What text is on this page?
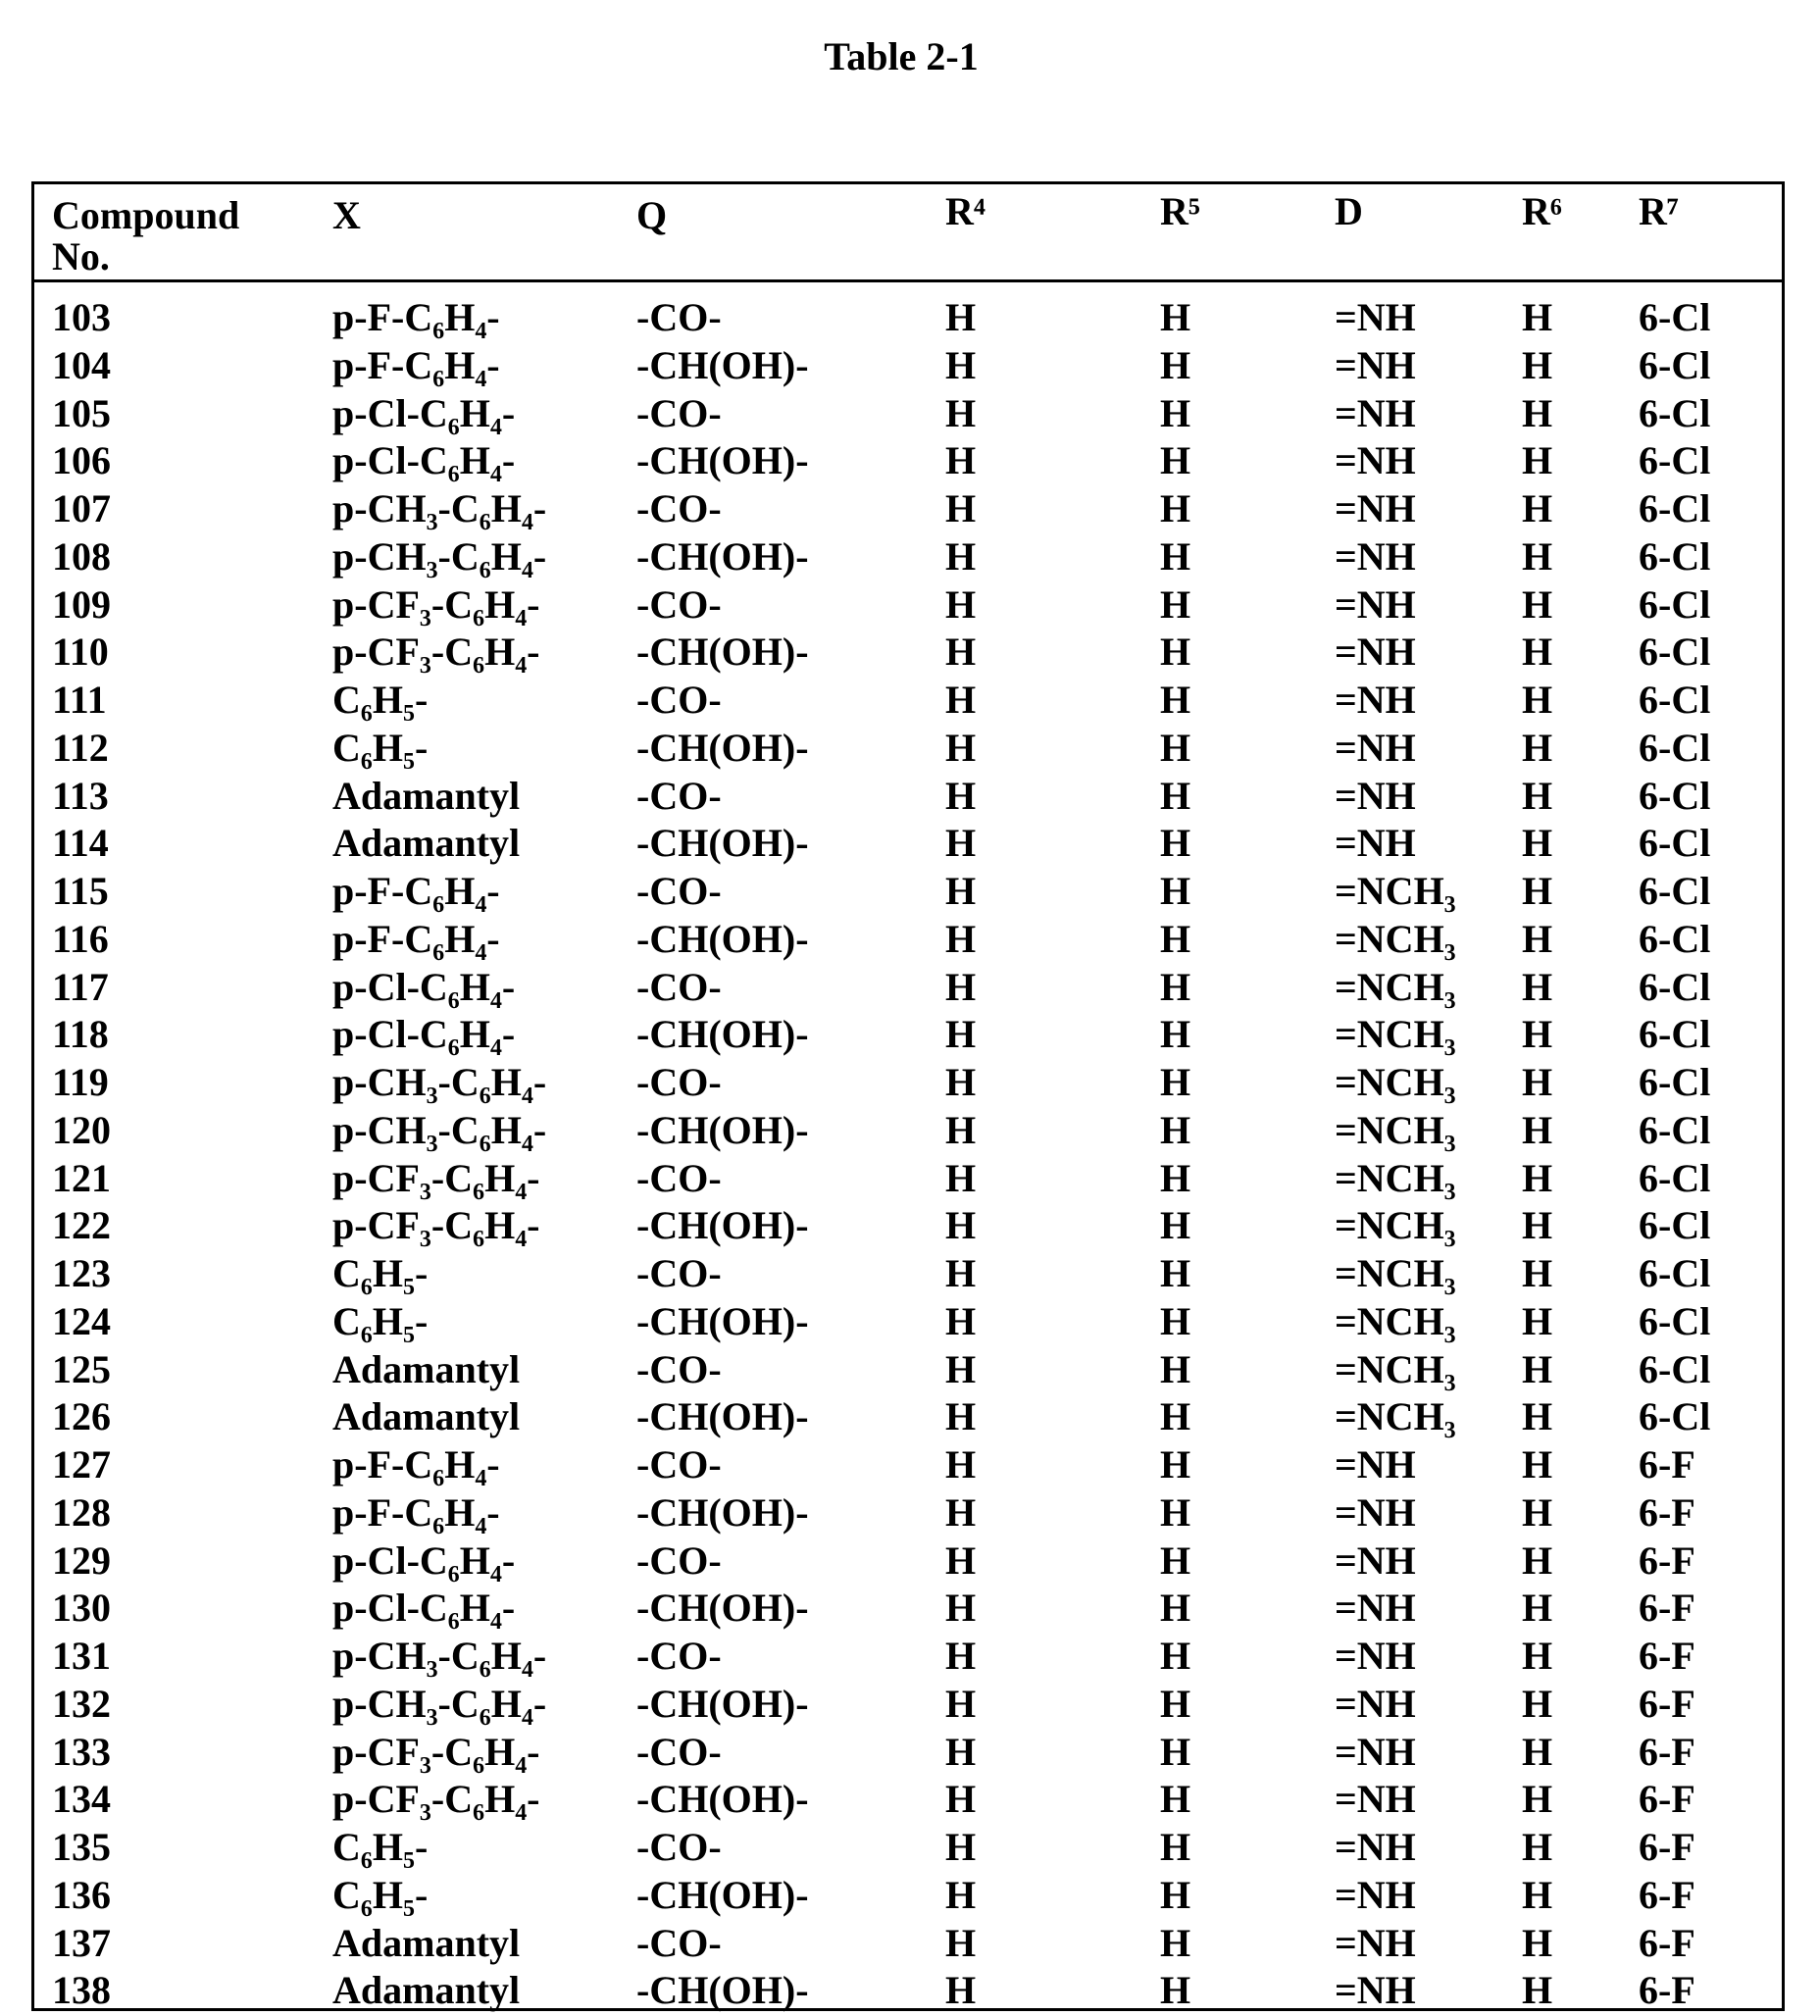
Table 2-1
Compound
No.
X	Q	R⁴	R⁵	D	R⁶ R⁷
103	p-F-C₆H₄-	-CO-	H	H	=NH	H 6-Cl
104	p-F-C₆H₄-	-CH(OH)-	H	H	=NH	H 6-Cl
105	p-Cl-C₆H₄-	-CO-	H	H	=NH	H 6-Cl
106	p-Cl-C₆H₄-	-CH(OH)-	H	H	=NH	H 6-Cl
107	p-CH₃-C₆H₄- -CO-	H	H	=NH	H 6-Cl
108	p-CH₃-C₆H₄- -CH(OH)-	H	H	=NH	H 6-Cl
109	p-CF₃-C₆H₄- -CO-	H	H	=NH	H 6-Cl
110	p-CF₃-C₆H₄- -CH(OH)-	H	H	=NH	H 6-Cl
111	C₆H₅-	-CO-	H	H	=NH	H 6-Cl
112	C₆H₅-	-CH(OH)-	H	H	=NH	H 6-Cl
113	Adamantyl	-CO-	H	H	=NH	H 6-Cl
114	Adamantyl	-CH(OH)-	H	H	=NH	H 6-Cl
115	p-F-C₆H₄-	-CO-	H	H	=NCH₃ H 6-Cl
116	p-F-C₆H₄-	-CH(OH)-	H	H	=NCH₃ H 6-Cl
117	p-Cl-C₆H₄-	-CO-	H	H	=NCH₃ H 6-Cl
118	p-Cl-C₆H₄-	-CH(OH)-	H	H	=NCH₃ H 6-Cl
119	p-CH₃-C₆H₄- -CO-	H	H	=NCH₃ H 6-Cl
120	p-CH₃-C₆H₄- -CH(OH)-	H	H	=NCH₃ H 6-Cl
121	p-CF₃-C₆H₄- -CO-	H	H	=NCH₃ H 6-Cl
122	p-CF₃-C₆H₄- -CH(OH)-	H	H	=NCH₃ H 6-Cl
123	C₆H₅-	-CO-	H	H	=NCH₃ H 6-Cl
124	C₆H₅-	-CH(OH)-	H	H	=NCH₃ H 6-Cl
125	Adamantyl	-CO-	H	H	=NCH₃ H 6-Cl
126	Adamantyl	-CH(OH)-	H	H	=NCH₃ H 6-Cl
127	p-F-C₆H₄-	-CO-	H	H	=NH	H 6-F
128	p-F-C₆H₄-	-CH(OH)-	H	H	=NH	H 6-F
129	p-Cl-C₆H₄-	-CO-	H	H	=NH	H 6-F
130	p-Cl-C₆H₄-	-CH(OH)-	H	H	=NH	H 6-F
131	p-CH₃-C₆H₄- -CO-	H	H	=NH	H 6-F
132	p-CH₃-C₆H₄- -CH(OH)-	H	H	=NH	H 6-F
133	p-CF₃-C₆H₄- -CO-	H	H	=NH	H 6-F
134	p-CF₃-C₆H₄- -CH(OH)-	H	H	=NH	H 6-F
135	C₆H₅-	-CO-	H	H	=NH	H 6-F
136	C₆H₅-	-CH(OH)-	H	H	=NH	H 6-F
137	Adamantyl	-CO-	H	H	=NH	H 6-F
138	Adamantyl	-CH(OH)-	H	H	=NH	H 6-F
